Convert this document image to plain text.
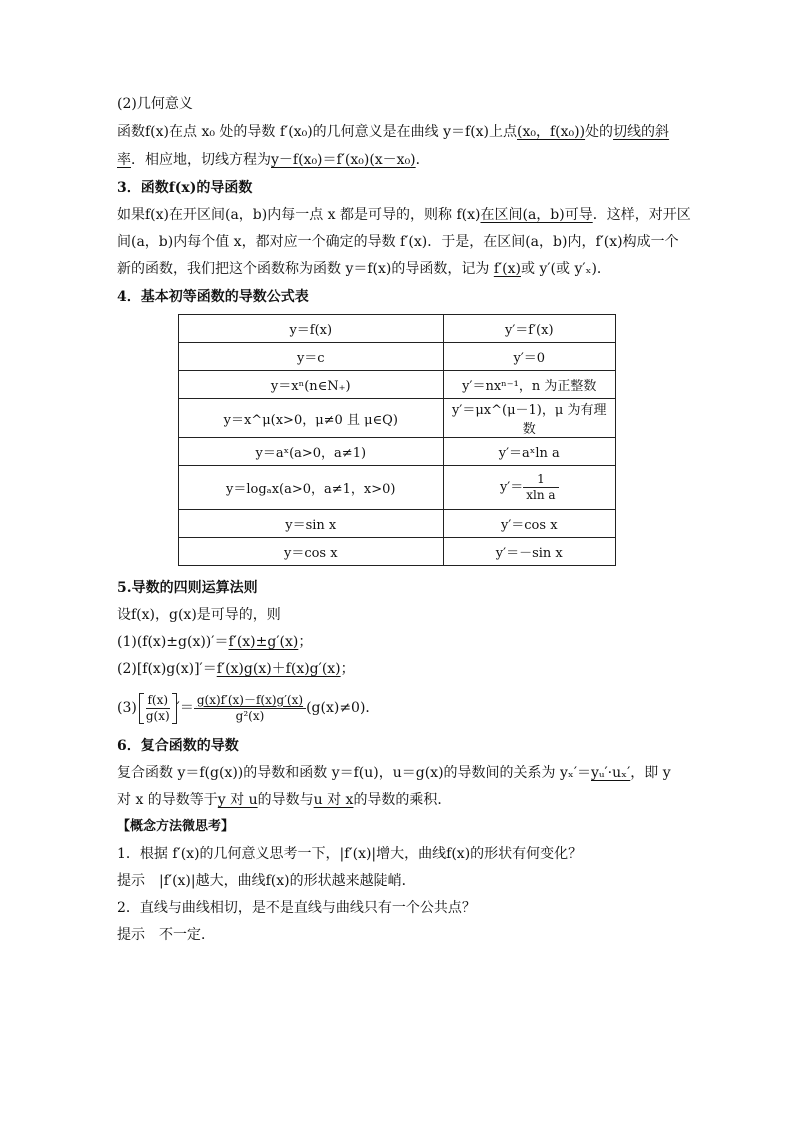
(2)几何意义
函数f(x)在点 x₀ 处的导数 f′(x₀)的几何意义是在曲线 y＝f(x)上点(x₀，f(x₀))处的切线的斜
率．相应地，切线方程为y－f(x₀)＝f′(x₀)(x－x₀)．
3．函数f(x)的导函数
如果f(x)在开区间(a，b)内每一点 x 都是可导的，则称 f(x)在区间(a，b)可导．这样，对开区
间(a，b)内每个值 x，都对应一个确定的导数 f′(x)．于是，在区间(a，b)内，f′(x)构成一个
新的函数，我们把这个函数称为函数 y＝f(x)的导函数，记为 f′(x)或 y′(或 y′ₓ)．
4．基本初等函数的导数公式表
y＝f(x)	y′＝f′(x)
y＝c	y′＝0
y＝xⁿ(n∈N₊)	y′＝nxⁿ⁻¹，n 为正整数
y＝x^μ(x>0，μ≠0 且 μ∈Q)	y′＝μx^(μ－1)，μ 为有理数
y＝aˣ(a>0，a≠1)	y′＝aˣln a
y＝logₐx(a>0，a≠1，x>0)	$y'= \frac{1}{\text{xln a}}$

y＝sin x	y′＝cos x
y＝cos x	y′＝－sin x
5.导数的四则运算法则
设f(x)，g(x)是可导的，则
(1)(f(x)±g(x))′＝f′(x)±g′(x)；
(2)[f(x)g(x)]′＝f′(x)g(x)＋f(x)g′(x)；
$(3) \frac{f(x)}{g(x)}$ ′＝ $\frac{g(x)f'(x)-f(x)g'(x)}{\text{g²(x)}} (g(x)\ne 0)$．
6．复合函数的导数
复合函数 y＝f(g(x))的导数和函数 y＝f(u)，u＝g(x)的导数间的关系为 yₓ′＝yᵤ′·uₓ′，即 y
对 x 的导数等于y 对 u的导数与u 对 x的导数的乘积．
【概念方法微思考】
1．根据 f′(x)的几何意义思考一下，|f′(x)|增大，曲线f(x)的形状有何变化？
提示　|f′(x)|越大，曲线f(x)的形状越来越陡峭．
2．直线与曲线相切，是不是直线与曲线只有一个公共点？
提示　不一定．
